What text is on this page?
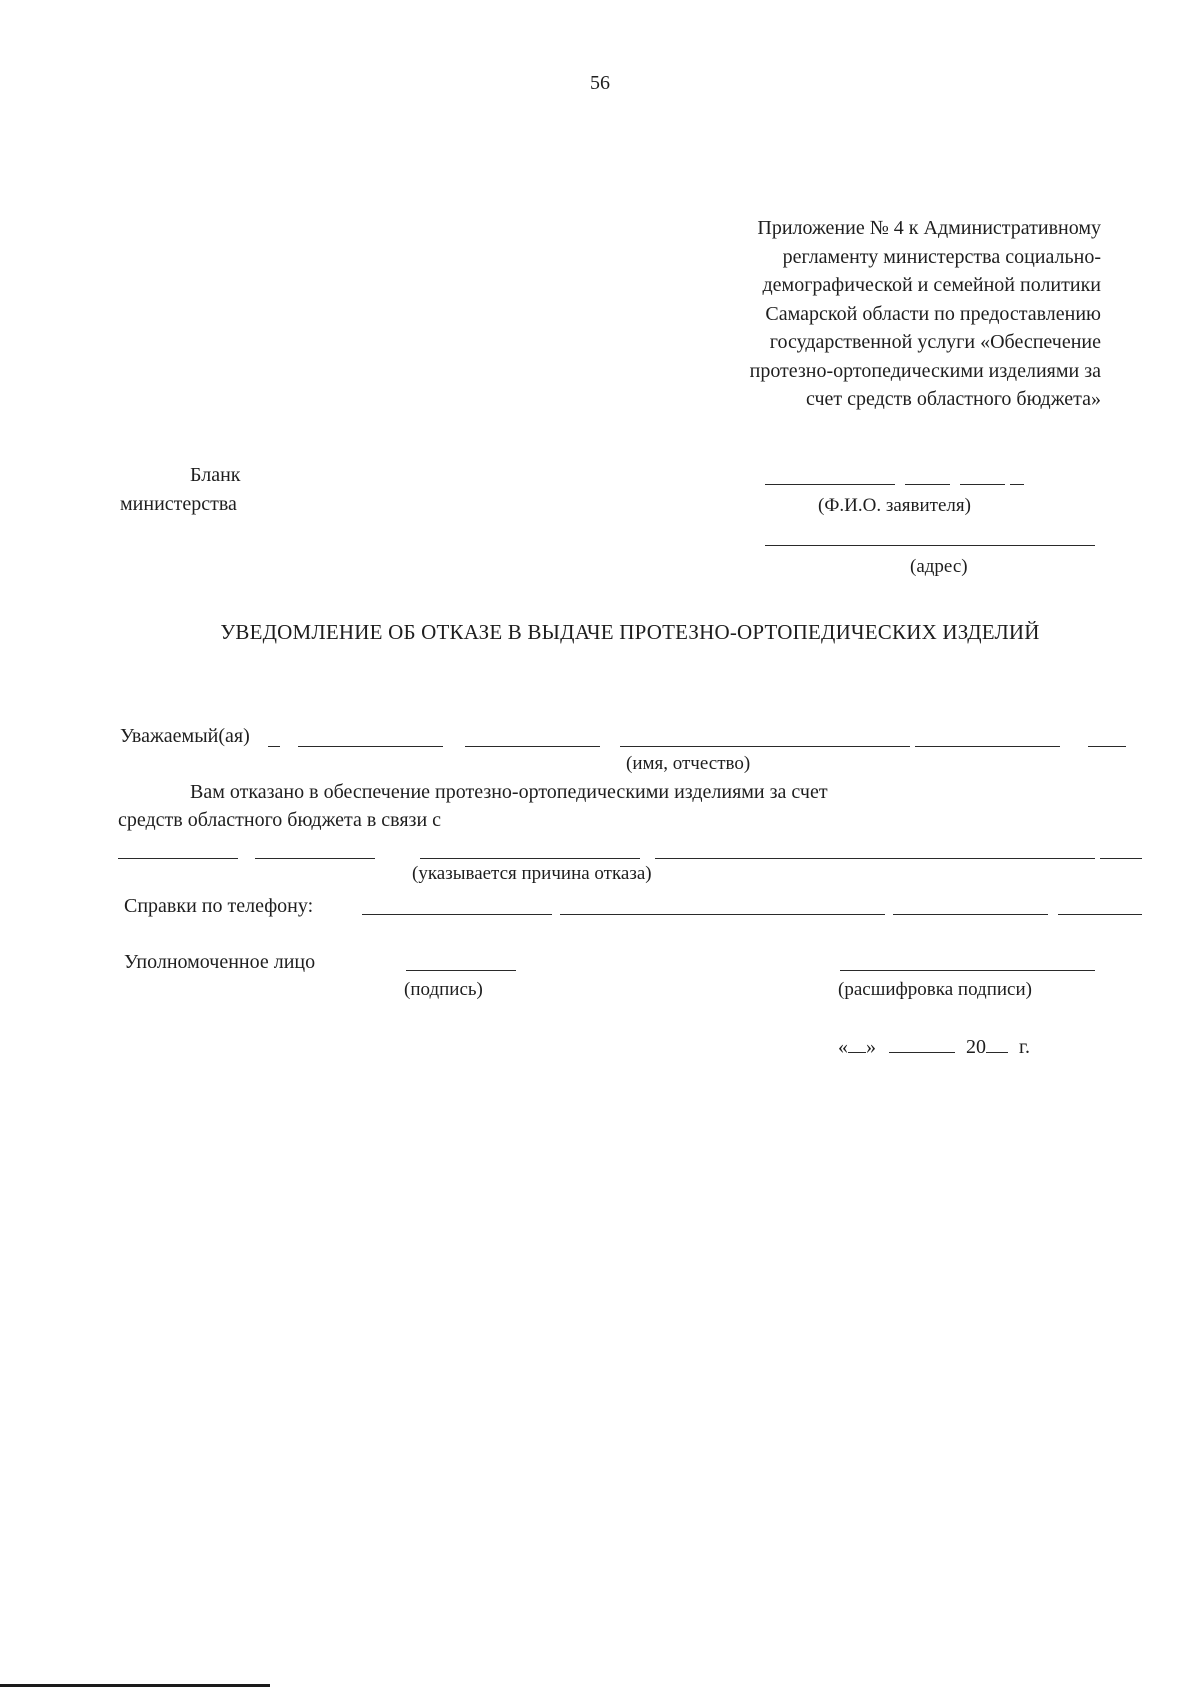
56
Приложение № 4 к Административному
регламенту министерства социально-
демографической и семейной политики
Самарской области по предоставлению
государственной услуги «Обеспечение
протезно-ортопедическими изделиями за
счет средств областного бюджета»
Бланк
министерства	(Ф.И.О. заявителя)
(адрес)
УВЕДОМЛЕНИЕ ОБ ОТКАЗЕ В ВЫДАЧЕ ПРОТЕЗНО-ОРТОПЕДИЧЕСКИХ ИЗДЕЛИЙ
Уважаемый(ая)
(имя, отчество)
Вам отказано в обеспечение протезно-ортопедическими изделиями за счет
средств областного бюджета в связи с
(указывается причина отказа)
Справки по телефону:
Уполномоченное лицо
(подпись)	(расшифровка подписи)
« »	20 г.
